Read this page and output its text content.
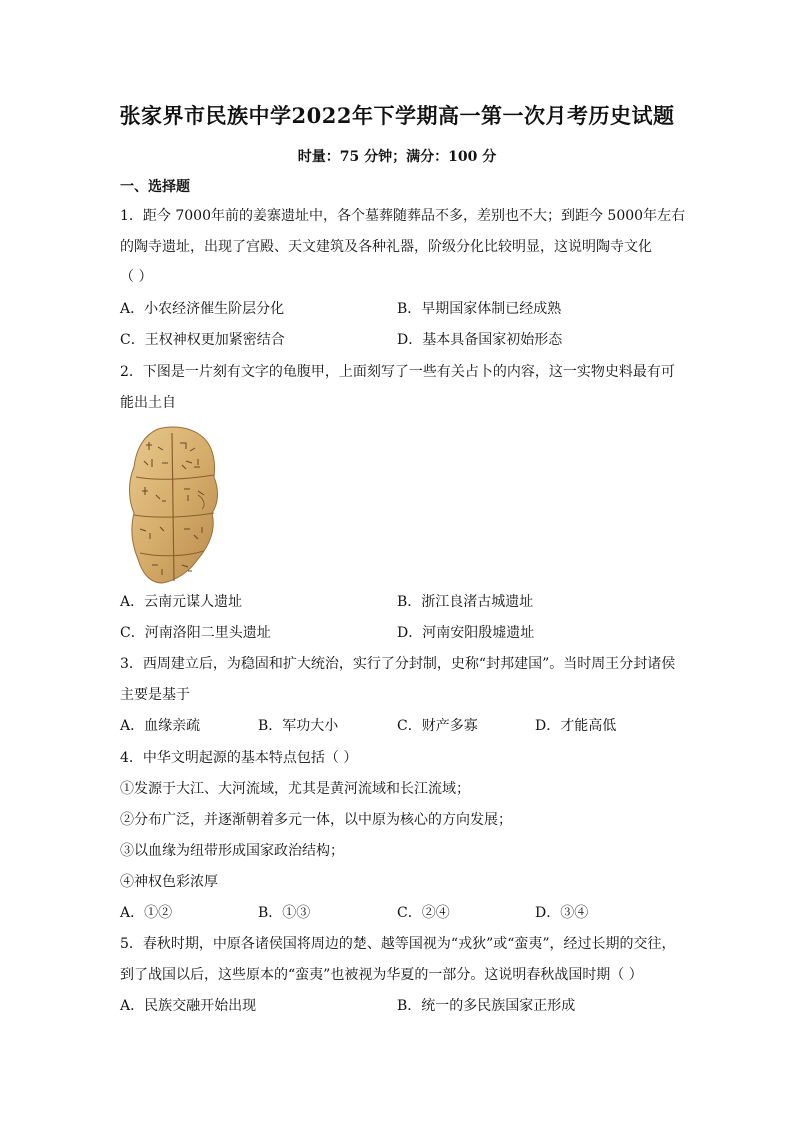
张家界市民族中学2022年下学期高一第一次月考历史试题
时量：75 分钟；满分：100 分
一、选择题
1．距今 7000年前的姜寨遗址中，各个墓葬随葬品不多，差别也不大；到距今 5000年左右
的陶寺遗址，出现了宫殿、天文建筑及各种礼器，阶级分化比较明显，这说明陶寺文化
（ ）
A．小农经济催生阶层分化	B．早期国家体制已经成熟
C．王权神权更加紧密结合	D．基本具备国家初始形态
2．下图是一片刻有文字的龟腹甲，上面刻写了一些有关占卜的内容，这一实物史料最有可
能出土自
A．云南元谋人遗址	B．浙江良渚古城遗址
C．河南洛阳二里头遗址	D．河南安阳殷墟遗址
3．西周建立后，为稳固和扩大统治，实行了分封制，史称“封邦建国”。当时周王分封诸侯
主要是基于
A．血缘亲疏	B．军功大小	C．财产多寡	D．才能高低
4．中华文明起源的基本特点包括（ ）
①发源于大江、大河流域，尤其是黄河流域和长江流域；
②分布广泛，并逐渐朝着多元一体，以中原为核心的方向发展；
③以血缘为纽带形成国家政治结构；
④神权色彩浓厚
A．①②	B．①③	C．②④	D．③④
5．春秋时期，中原各诸侯国将周边的楚、越等国视为“戎狄”或“蛮夷”，经过长期的交往，
到了战国以后，这些原本的“蛮夷”也被视为华夏的一部分。这说明春秋战国时期（ ）
A．民族交融开始出现	B．统一的多民族国家正形成
